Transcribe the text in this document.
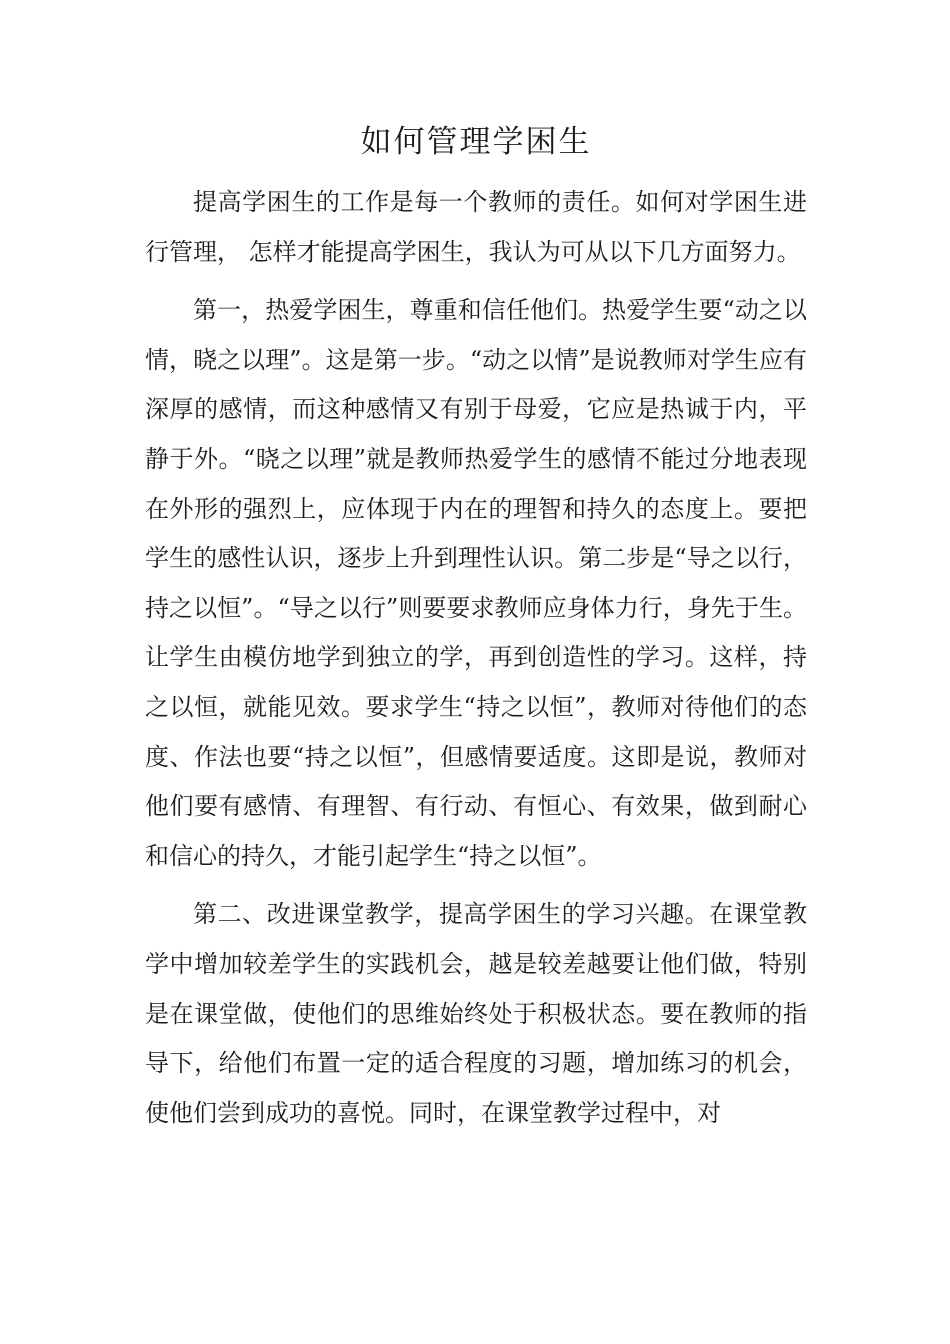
如何管理学困生

提高学困生的工作是每一个教师的责任。如何对学困生进行管理， 怎样才能提高学困生，我认为可从以下几方面努力。

第一，热爱学困生，尊重和信任他们。热爱学生要“动之以情，晓之以理”。这是第一步。“动之以情”是说教师对学生应有深厚的感情，而这种感情又有别于母爱，它应是热诚于内，平静于外。“晓之以理”就是教师热爱学生的感情不能过分地表现在外形的强烈上，应体现于内在的理智和持久的态度上。要把学生的感性认识，逐步上升到理性认识。第二步是“导之以行，持之以恒”。“导之以行”则要要求教师应身体力行，身先于生。让学生由模仿地学到独立的学，再到创造性的学习。这样，持之以恒，就能见效。要求学生“持之以恒”，教师对待他们的态度、作法也要“持之以恒”，但感情要适度。这即是说，教师对他们要有感情、有理智、有行动、有恒心、有效果，做到耐心和信心的持久，才能引起学生“持之以恒”。

第二、改进课堂教学，提高学困生的学习兴趣。在课堂教学中增加较差学生的实践机会，越是较差越要让他们做，特别是在课堂做，使他们的思维始终处于积极状态。要在教师的指导下，给他们布置一定的适合程度的习题，增加练习的机会，使他们尝到成功的喜悦。同时，在课堂教学过程中，对
